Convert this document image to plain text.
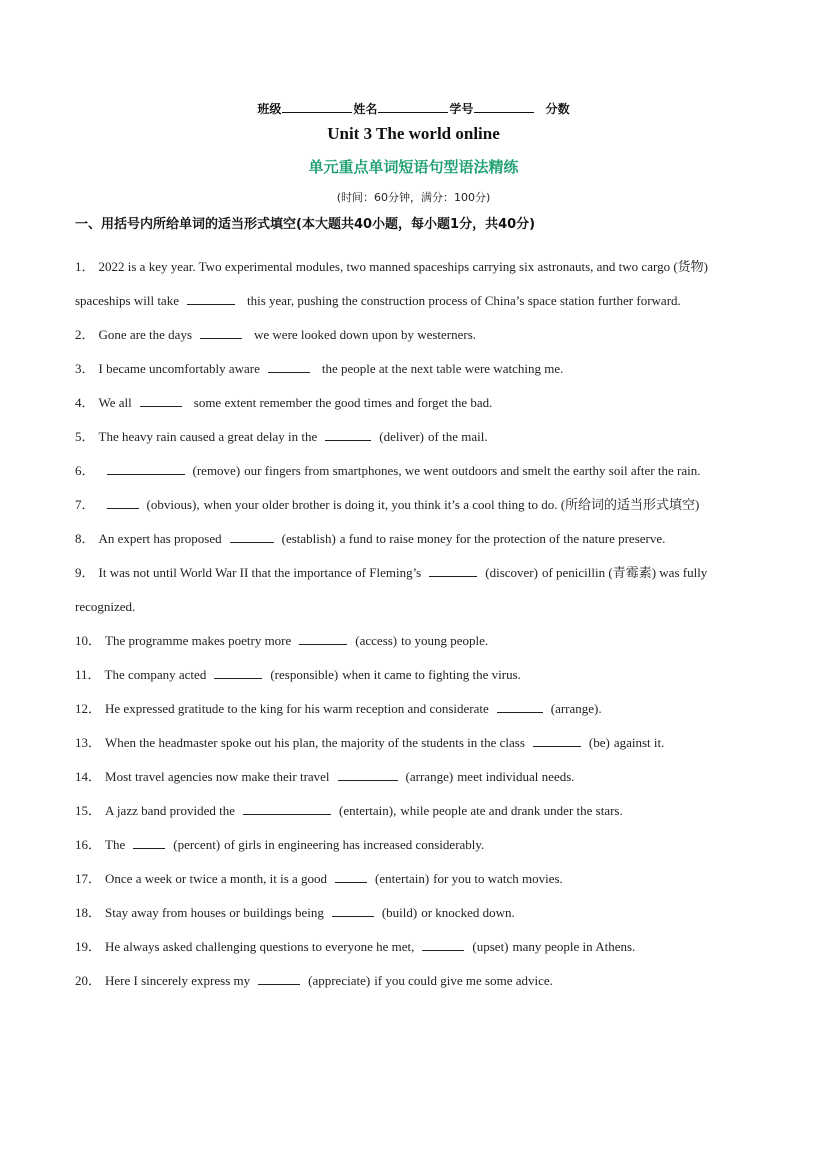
班级	姓名	学号	分数
Unit 3 The world online
单元重点单词短语句型语法精练
(时间：60分钟，满分：100分)
一、用括号内所给单词的适当形式填空(本大题共40小题，每小题1分，共40分)
1． 2022 is a key year. Two experimental modules, two manned spaceships carrying six astronauts, and two cargo (货物) spaceships will take	this year, pushing the construction process of China’s space station further forward.
2． Gone are the days	we were looked down upon by westerners.
3． I became uncomfortably aware	the people at the next table were watching me.
4． We all	some extent remember the good times and forget the bad.
5． The heavy rain caused a great delay in the	(deliver) of the mail.
6．	(remove) our fingers from smartphones, we went outdoors and smelt the earthy soil after the rain.
7．	(obvious), when your older brother is doing it, you think it’s a cool thing to do. (所给词的适当形式填空)
8． An expert has proposed	(establish) a fund to raise money for the protection of the nature preserve.
9． It was not until World War II that the importance of Fleming’s	(discover) of penicillin (青霉素) was fully recognized.
10． The programme makes poetry more	(access) to young people.
11． The company acted	(responsible) when it came to fighting the virus.
12． He expressed gratitude to the king for his warm reception and considerate	(arrange).
13． When the headmaster spoke out his plan, the majority of the students in the class	(be) against it.
14． Most travel agencies now make their travel	(arrange) meet individual needs.
15． A jazz band provided the	(entertain), while people ate and drank under the stars.
16． The	(percent) of girls in engineering has increased considerably.
17． Once a week or twice a month, it is a good	(entertain) for you to watch movies.
18． Stay away from houses or buildings being	(build) or knocked down.
19． He always asked challenging questions to everyone he met,	(upset) many people in Athens.
20． Here I sincerely express my	(appreciate) if you could give me some advice.
